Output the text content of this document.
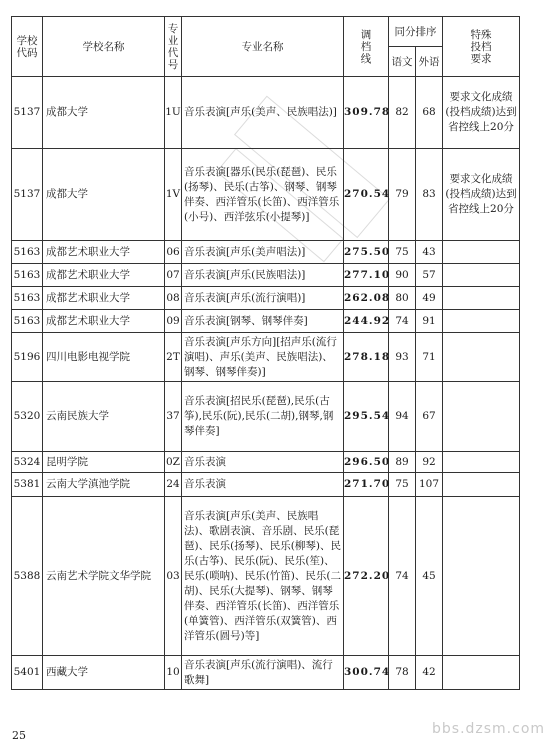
学校代码	学校名称	专业代号	专业名称	调档线	同分排序		特殊投档要求
					语文	外语	
5137	成都大学	1U	音乐表演[声乐(美声、民族唱法)]	309.78	82	68	要求文化成绩(投档成绩)达到省控线上20分
5137	成都大学	1V	音乐表演[器乐(民乐(琵琶)、民乐(扬琴)、民乐(古筝)、钢琴、钢琴伴奏、西洋管乐(长笛)、西洋管乐(小号)、西洋弦乐(小提琴)]	270.54	79	83	要求文化成绩(投档成绩)达到省控线上20分
5163	成都艺术职业大学	06	音乐表演[声乐(美声唱法)]	275.50	75	43	
5163	成都艺术职业大学	07	音乐表演[声乐(民族唱法)]	277.10	90	57	
5163	成都艺术职业大学	08	音乐表演[声乐(流行演唱)]	262.08	80	49	
5163	成都艺术职业大学	09	音乐表演[钢琴、钢琴伴奏]	244.92	74	91	
5196	四川电影电视学院	2T	音乐表演[声乐方向][招声乐(流行演唱)、声乐(美声、民族唱法)、钢琴、钢琴伴奏)]	278.18	93	71	
5320	云南民族大学	37	音乐表演[招民乐(琵琶),民乐(古筝),民乐(阮),民乐(二胡),钢琴,钢琴伴奏]	295.54	94	67	
5324	昆明学院	0Z	音乐表演	296.50	89	92	
5381	云南大学滇池学院	24	音乐表演	271.70	75	107	
5388	云南艺术学院文华学院	03	音乐表演[声乐(美声、民族唱法)、歌剧表演、音乐剧、民乐(琵琶)、民乐(扬琴)、民乐(柳琴)、民乐(古筝)、民乐(阮)、民乐(笙)、民乐(唢呐)、民乐(竹笛)、民乐(二胡)、民乐(大提琴)、钢琴、钢琴伴奏、西洋管乐(长笛)、西洋管乐(单簧管)、西洋管乐(双簧管)、西洋管乐(圆号)等]	272.20	74	45	
5401	西藏大学	10	音乐表演[声乐(流行演唱)、流行歌舞]	300.74	78	42	
25	bbs.dzsm.com
